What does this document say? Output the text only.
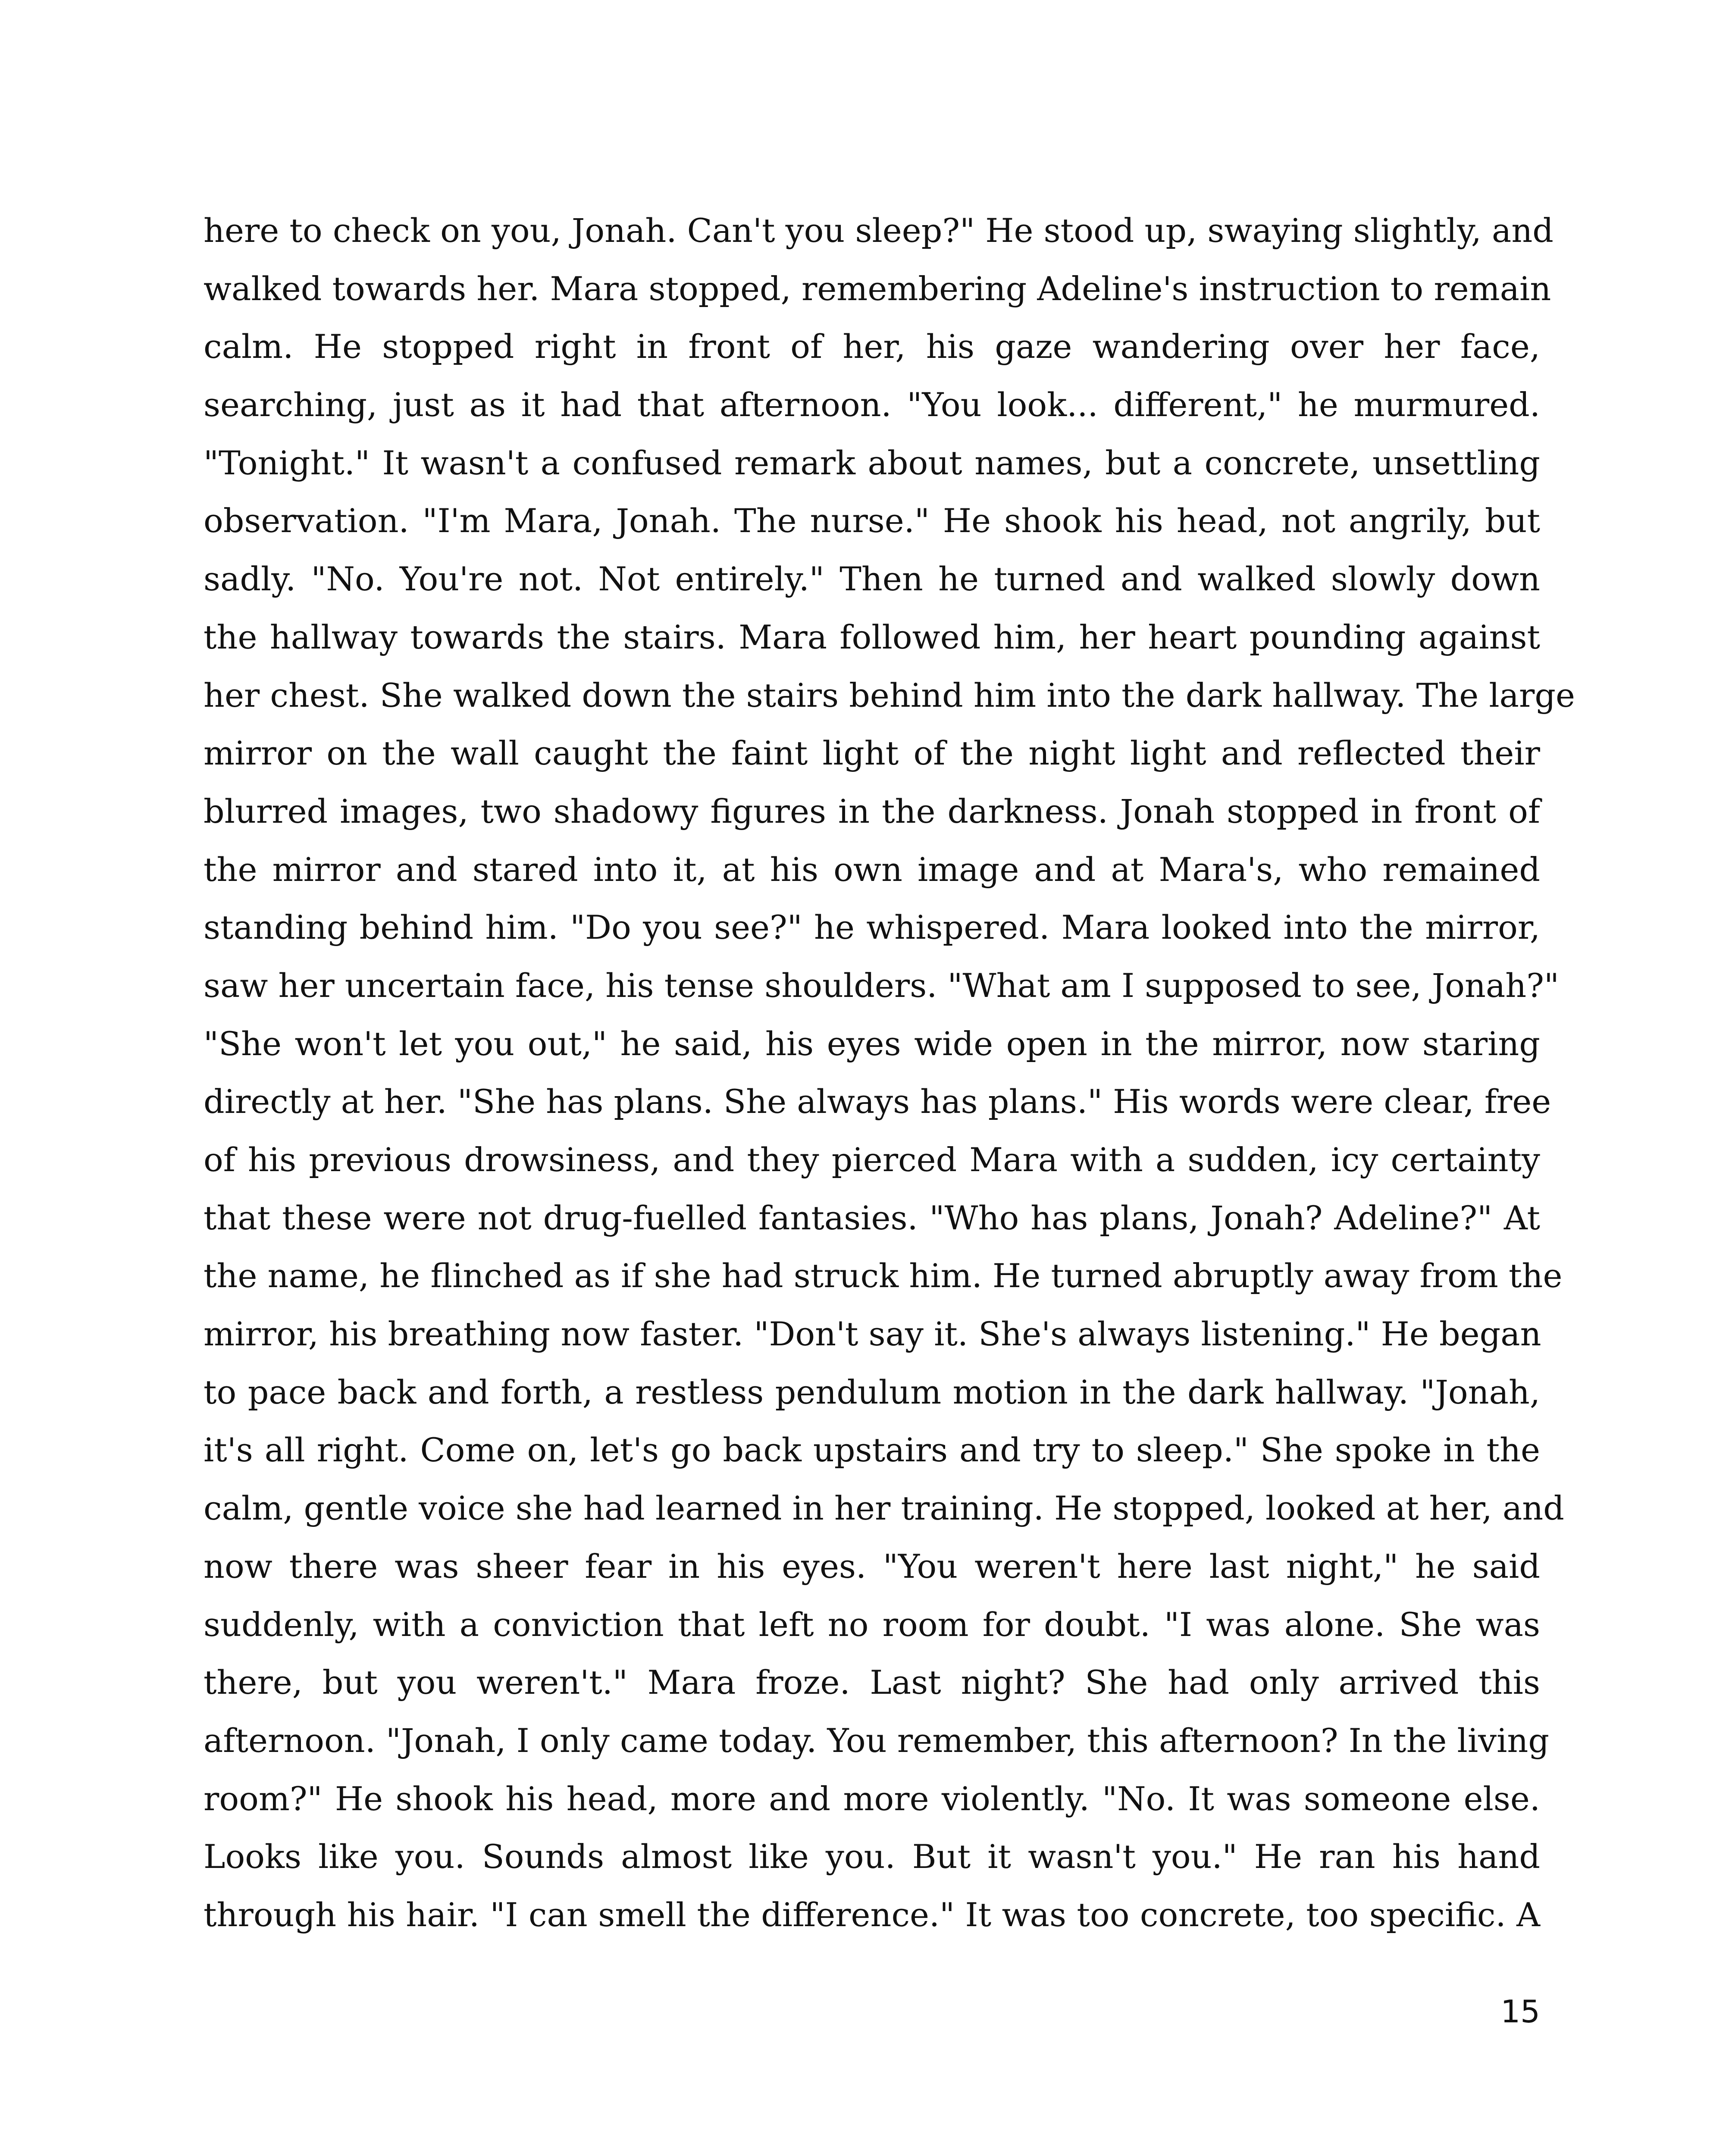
here to check on you, Jonah. Can't you sleep?" He stood up, swaying slightly, and
walked towards her. Mara stopped, remembering Adeline's instruction to remain
calm. He stopped right in front of her, his gaze wandering over her face,
searching, just as it had that afternoon. "You look... different," he murmured.
"Tonight." It wasn't a confused remark about names, but a concrete, unsettling
observation. "I'm Mara, Jonah. The nurse." He shook his head, not angrily, but
sadly. "No. You're not. Not entirely." Then he turned and walked slowly down
the hallway towards the stairs. Mara followed him, her heart pounding against
her chest. She walked down the stairs behind him into the dark hallway. The large
mirror on the wall caught the faint light of the night light and reflected their
blurred images, two shadowy figures in the darkness. Jonah stopped in front of
the mirror and stared into it, at his own image and at Mara's, who remained
standing behind him. "Do you see?" he whispered. Mara looked into the mirror,
saw her uncertain face, his tense shoulders. "What am I supposed to see, Jonah?"
"She won't let you out," he said, his eyes wide open in the mirror, now staring
directly at her. "She has plans. She always has plans." His words were clear, free
of his previous drowsiness, and they pierced Mara with a sudden, icy certainty
that these were not drug-fuelled fantasies. "Who has plans, Jonah? Adeline?" At
the name, he flinched as if she had struck him. He turned abruptly away from the
mirror, his breathing now faster. "Don't say it. She's always listening." He began
to pace back and forth, a restless pendulum motion in the dark hallway. "Jonah,
it's all right. Come on, let's go back upstairs and try to sleep." She spoke in the
calm, gentle voice she had learned in her training. He stopped, looked at her, and
now there was sheer fear in his eyes. "You weren't here last night," he said
suddenly, with a conviction that left no room for doubt. "I was alone. She was
there, but you weren't." Mara froze. Last night? She had only arrived this
afternoon. "Jonah, I only came today. You remember, this afternoon? In the living
room?" He shook his head, more and more violently. "No. It was someone else.
Looks like you. Sounds almost like you. But it wasn't you." He ran his hand
through his hair. "I can smell the difference." It was too concrete, too specific. A
15
